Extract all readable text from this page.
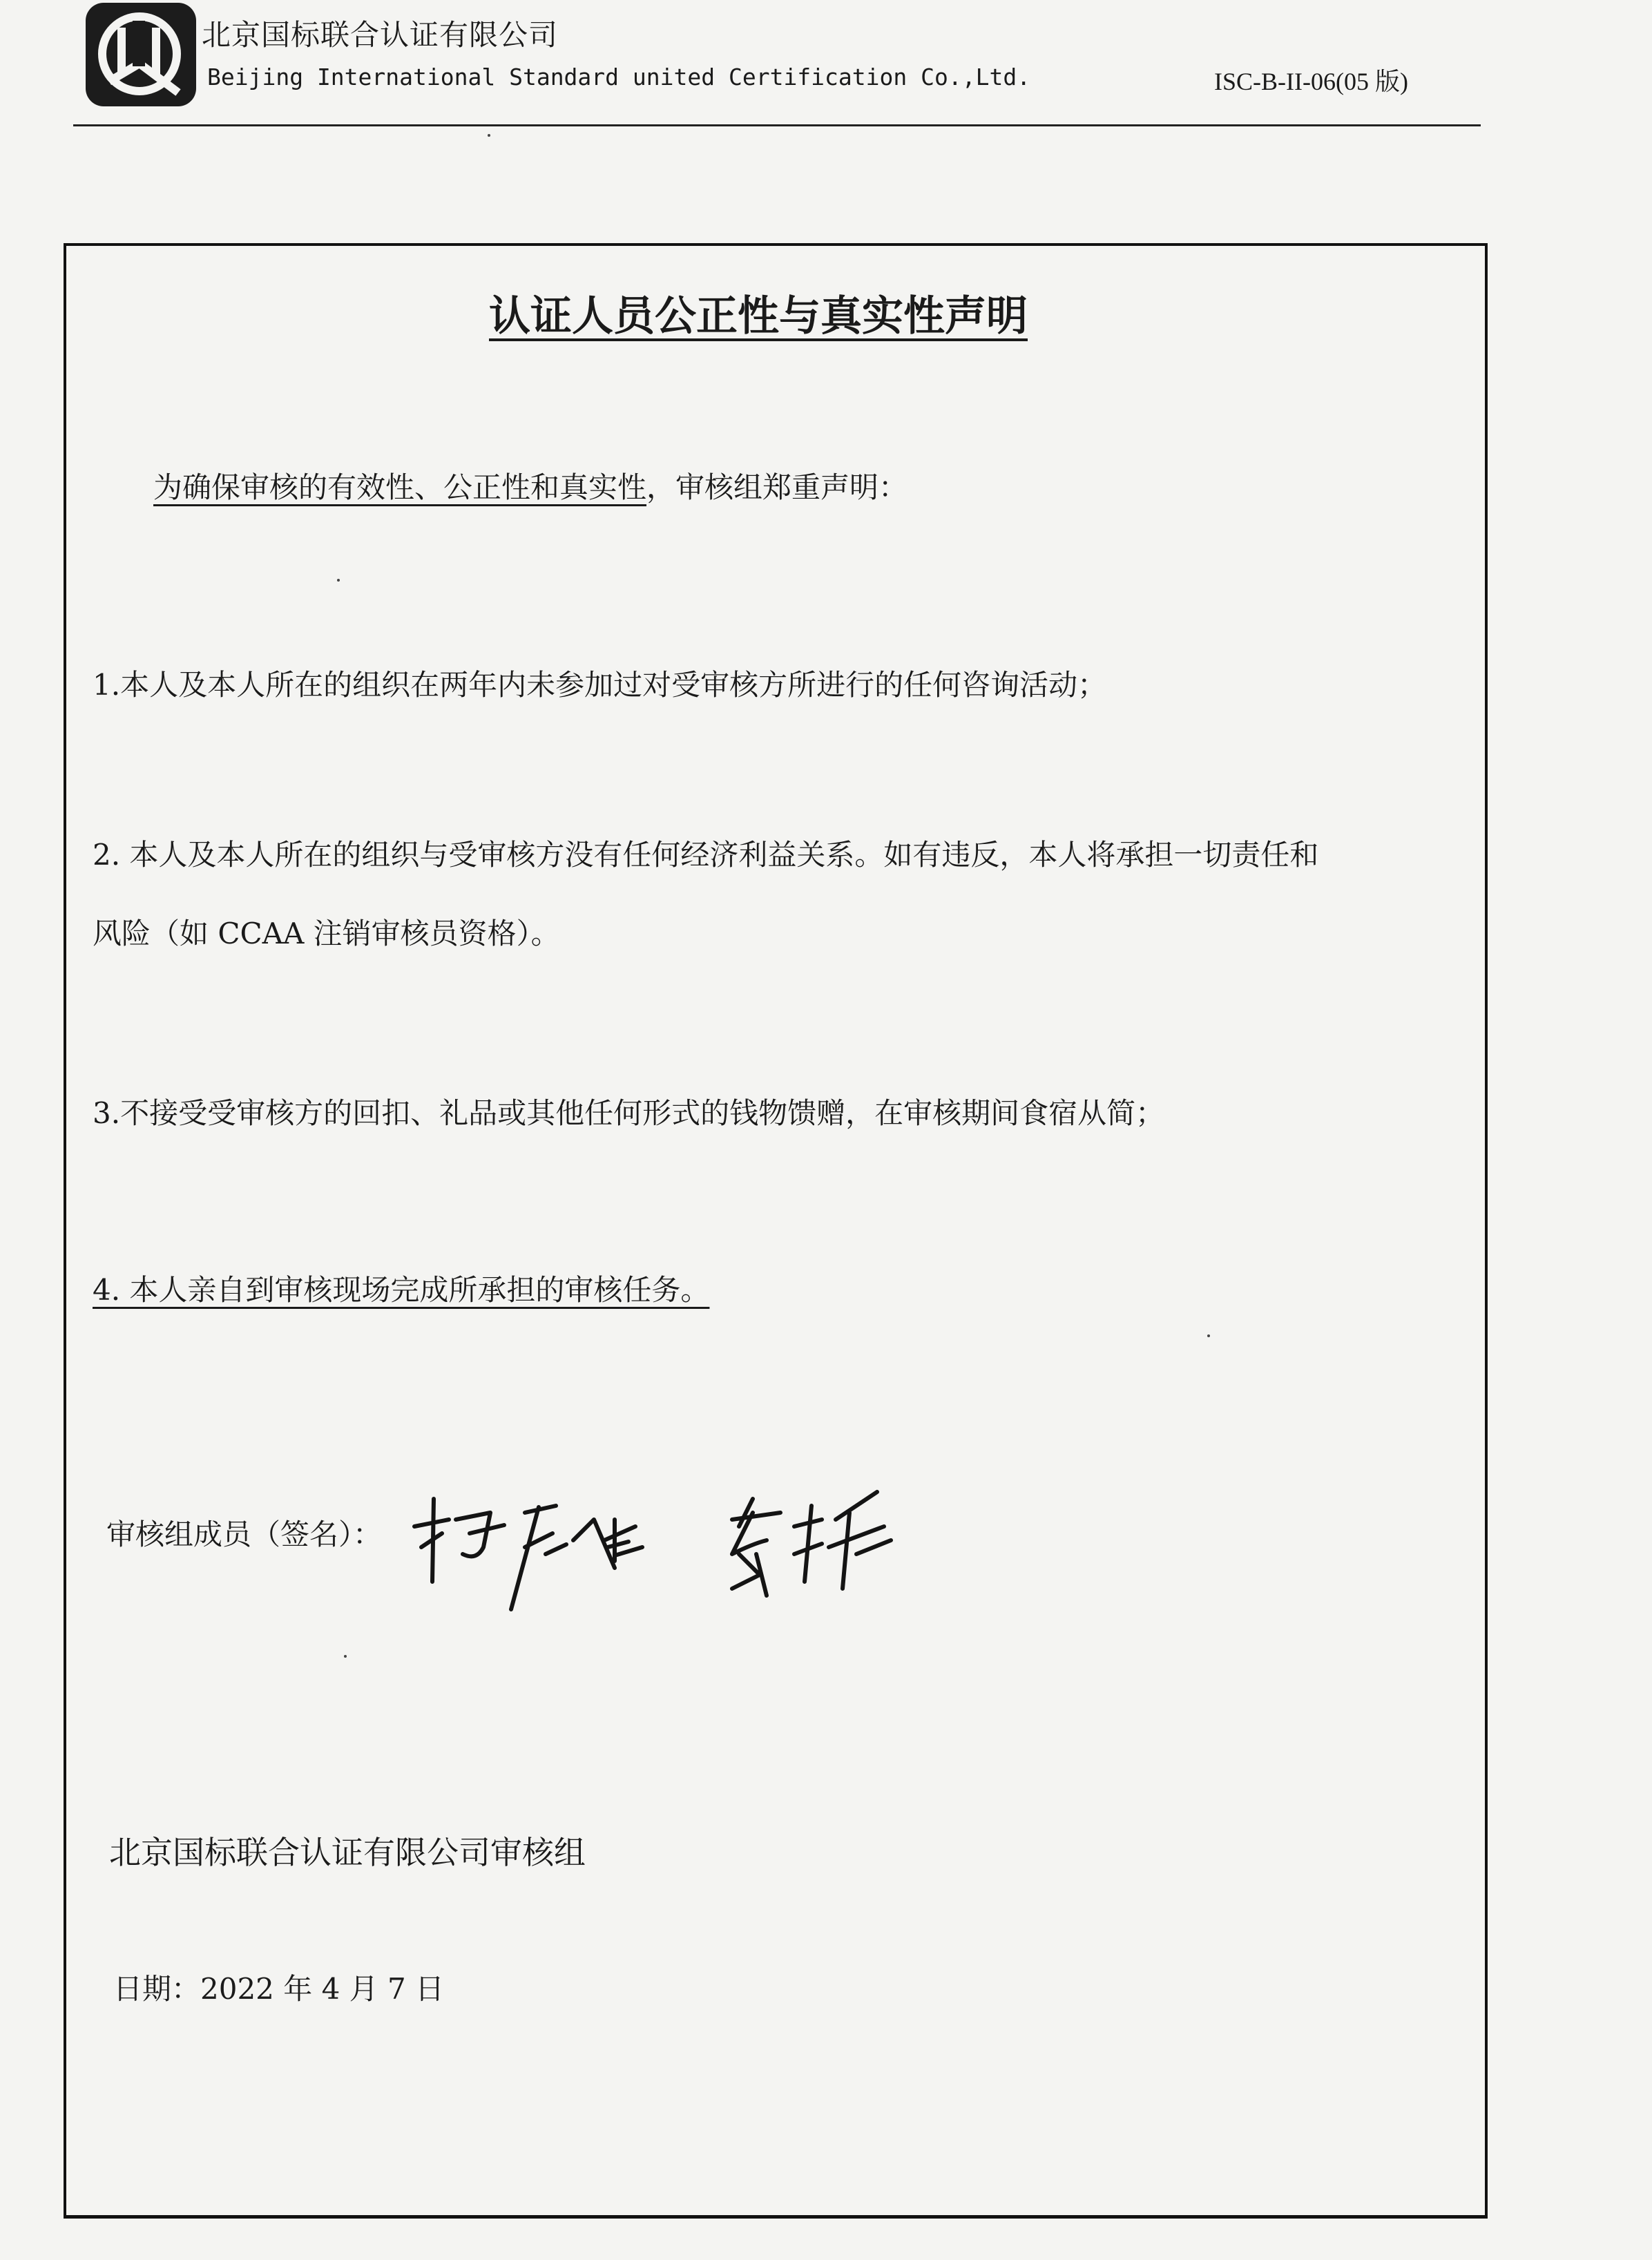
北京国标联合认证有限公司
Beijing International Standard united Certification Co.,Ltd.	ISC-B-II-06(05 版)
认证人员公正性与真实性声明
为确保审核的有效性、公正性和真实性，审核组郑重声明：
1.本人及本人所在的组织在两年内未参加过对受审核方所进行的任何咨询活动；
2. 本人及本人所在的组织与受审核方没有任何经济利益关系。如有违反，本人将承担一切责任和
风险（如 CCAA 注销审核员资格）。
3.不接受受审核方的回扣、礼品或其他任何形式的钱物馈赠，在审核期间食宿从简；
4. 本人亲自到审核现场完成所承担的审核任务。
审核组成员（签名）：
北京国标联合认证有限公司审核组
日期：2022 年 4 月 7 日
